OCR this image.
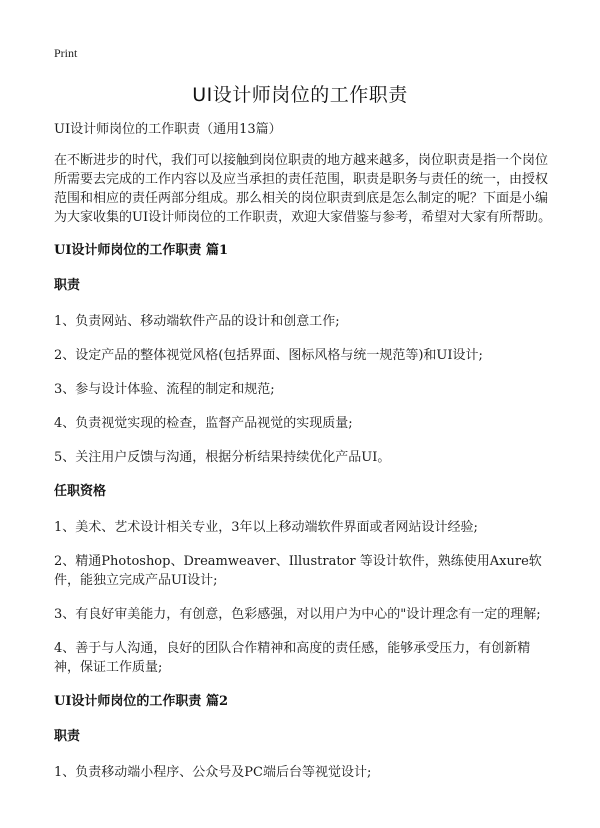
Print
UI设计师岗位的工作职责

UI设计师岗位的工作职责（通用13篇）

在不断进步的时代，我们可以接触到岗位职责的地方越来越多，岗位职责是指一个岗位所需要去完成的工作内容以及应当承担的责任范围，职责是职务与责任的统一，由授权范围和相应的责任两部分组成。那么相关的岗位职责到底是怎么制定的呢？下面是小编为大家收集的UI设计师岗位的工作职责，欢迎大家借鉴与参考，希望对大家有所帮助。

UI设计师岗位的工作职责 篇1

职责

1、负责网站、移动端软件产品的设计和创意工作;

2、设定产品的整体视觉风格(包括界面、图标风格与统一规范等)和UI设计;

3、参与设计体验、流程的制定和规范;

4、负责视觉实现的检查，监督产品视觉的实现质量;

5、关注用户反馈与沟通，根据分析结果持续优化产品UI。

任职资格

1、美术、艺术设计相关专业，3年以上移动端软件界面或者网站设计经验;

2、精通Photoshop、Dreamweaver、Illustrator 等设计软件，熟练使用Axure软件，能独立完成产品UI设计;

3、有良好审美能力，有创意，色彩感强，对以用户为中心的"设计理念有一定的理解;

4、善于与人沟通，良好的团队合作精神和高度的责任感，能够承受压力，有创新精神，保证工作质量;

UI设计师岗位的工作职责 篇2

职责

1、负责移动端小程序、公众号及PC端后台等视觉设计;
